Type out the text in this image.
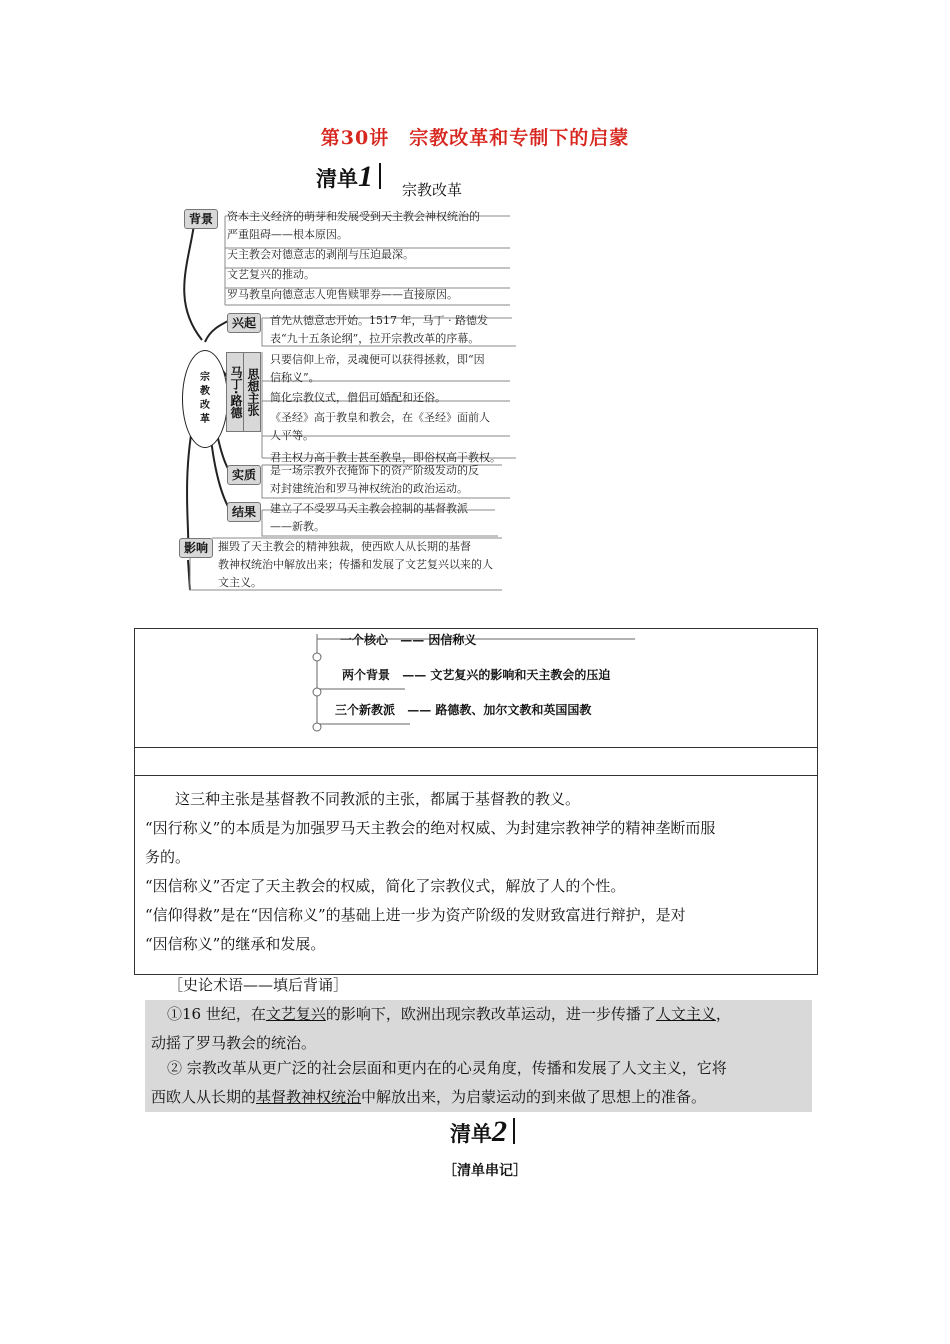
第30讲　宗教改革和专制下的启蒙
清单1	宗教改革
背景	资本主义经济的萌芽和发展受到天主教会神权统治的
严重阻碍——根本原因。
天主教会对德意志的剥削与压迫最深。
文艺复兴的推动。
罗马教皇向德意志人兜售赎罪券——直接原因。
宗
教
改
革
兴起	首先从德意志开始。1517 年，马丁 · 路德发
表“九十五条论纲”，拉开宗教改革的序幕。
马丁·路德 思想主张
只要信仰上帝，灵魂便可以获得拯救，即“因
信称义”。
简化宗教仪式，僧侣可婚配和还俗。
《圣经》高于教皇和教会，在《圣经》面前人
人平等。
君主权力高于教士甚至教皇，即俗权高于教权。
实质	是一场宗教外衣掩饰下的资产阶级发动的反
对封建统治和罗马神权统治的政治运动。
结果	建立了不受罗马天主教会控制的基督教派
——新教。
影响 摧毁了天主教会的精神独裁，使西欧人从长期的基督
教神权统治中解放出来；传播和发展了文艺复兴以来的人
文主义。
一个核心 —— 因信称义
两个背景 —— 文艺复兴的影响和天主教会的压迫
三个新教派 —— 路德教、加尔文教和英国国教
这三种主张是基督教不同教派的主张，都属于基督教的教义。
“因行称义”的本质是为加强罗马天主教会的绝对权威、为封建宗教神学的精神垄断而服
务的。
“因信称义”否定了天主教会的权威，简化了宗教仪式，解放了人的个性。
“信仰得救”是在“因信称义”的基础上进一步为资产阶级的发财致富进行辩护，是对
“因信称义”的继承和发展。
［史论术语——填后背诵］
①16 世纪，在文艺复兴的影响下，欧洲出现宗教改革运动，进一步传播了人文主义，
动摇了罗马教会的统治。
② 宗教改革从更广泛的社会层面和更内在的心灵角度，传播和发展了人文主义，它将
西欧人从长期的基督教神权统治中解放出来，为启蒙运动的到来做了思想上的准备。
清单2
［清单串记］
